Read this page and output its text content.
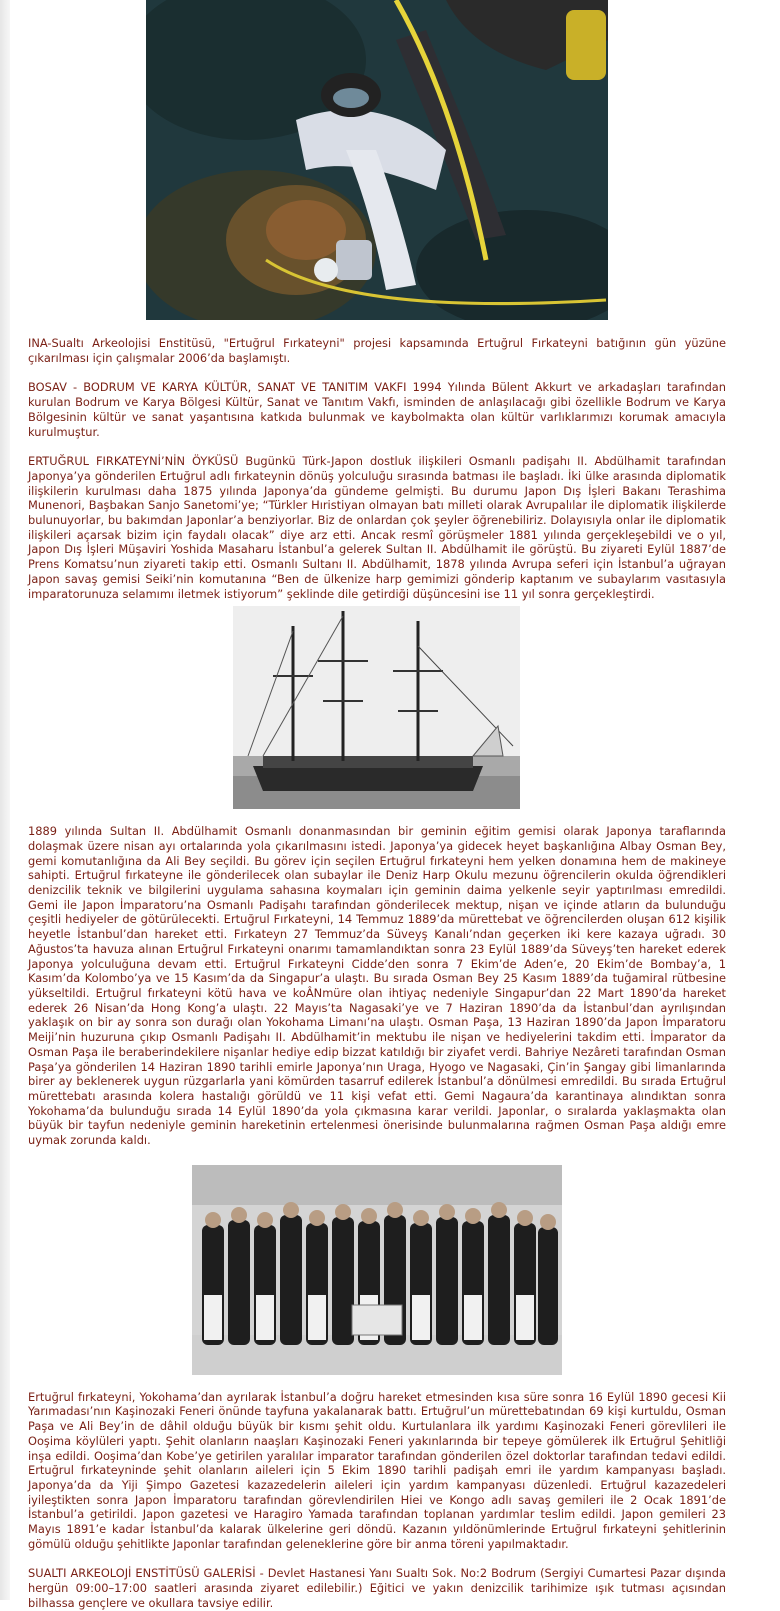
INA-Sualtı Arkeolojisi Enstitüsü, "Ertuğrul Fırkateyni" projesi kapsamında Ertuğrul Fırkateyni batığının gün yüzüne çıkarılması için çalışmalar 2006’da başlamıştı.

BOSAV - BODRUM VE KARYA KÜLTÜR, SANAT VE TANITIM VAKFI 1994 Yılında Bülent Akkurt ve arkadaşları tarafından kurulan Bodrum ve Karya Bölgesi Kültür, Sanat ve Tanıtım Vakfı, isminden de anlaşılacağı gibi özellikle Bodrum ve Karya Bölgesinin kültür ve sanat yaşantısına katkıda bulunmak ve kaybolmakta olan kültür varlıklarımızı korumak amacıyla kurulmuştur.

ERTUĞRUL FIRKATEYNİ’NİN ÖYKÜSÜ Bugünkü Türk-Japon dostluk ilişkileri Osmanlı padişahı II. Abdülhamit tarafından Japonya’ya gönderilen Ertuğrul adlı fırkateynin dönüş yolculuğu sırasında batması ile başladı. İki ülke arasında diplomatik ilişkilerin kurulması daha 1875 yılında Japonya’da gündeme gelmişti. Bu durumu Japon Dış İşleri Bakanı Terashima Munenori, Başbakan Sanjo Sanetomi’ye; “Türkler Hıristiyan olmayan batı milleti olarak Avrupalılar ile diplomatik ilişkilerde bulunuyorlar, bu bakımdan Japonlar’a benziyorlar. Biz de onlardan çok şeyler öğrenebiliriz. Dolayısıyla onlar ile diplomatik ilişkileri açarsak bizim için faydalı olacak” diye arz etti. Ancak resmî görüşmeler 1881 yılında gerçekleşebildi ve o yıl, Japon Dış İşleri Müşaviri Yoshida Masaharu İstanbul’a gelerek Sultan II. Abdülhamit ile görüştü. Bu ziyareti Eylül 1887’de Prens Komatsu’nun ziyareti takip etti. Osmanlı Sultanı II. Abdülhamit, 1878 yılında Avrupa seferi için İstanbul’a uğrayan Japon savaş gemisi Seiki’nin komutanına “Ben de ülkenize harp gemimizi gönderip kaptanım ve subaylarım vasıtasıyla imparatorunuza selamımı iletmek istiyorum” şeklinde dile getirdiği düşüncesini ise 11 yıl sonra gerçekleştirdi.

1889 yılında Sultan II. Abdülhamit Osmanlı donanmasından bir geminin eğitim gemisi olarak Japonya taraflarında dolaşmak üzere nisan ayı ortalarında yola çıkarılmasını istedi. Japonya’ya gidecek heyet başkanlığına Albay Osman Bey, gemi komutanlığına da Ali Bey seçildi. Bu görev için seçilen Ertuğrul fırkateyni hem yelken donamına hem de makineye sahipti. Ertuğrul fırkateyne ile gönderilecek olan subaylar ile Deniz Harp Okulu mezunu öğrencilerin okulda öğrendikleri denizcilik teknik ve bilgilerini uygulama sahasına koymaları için geminin daima yelkenle seyir yaptırılması emredildi. Gemi ile Japon İmparatoru’na Osmanlı Padişahı tarafından gönderilecek mektup, nişan ve içinde atların da bulunduğu çeşitli hediyeler de götürülecekti. Ertuğrul Fırkateyni, 14 Temmuz 1889’da mürettebat ve öğrencilerden oluşan 612 kişilik heyetle İstanbul’dan hareket etti. Fırkateyn 27 Temmuz’da Süveyş Kanalı’ndan geçerken iki kere kazaya uğradı. 30 Ağustos’ta havuza alınan Ertuğrul Fırkateyni onarımı tamamlandıktan sonra 23 Eylül 1889’da Süveyş’ten hareket ederek Japonya yolculuğuna devam etti. Ertuğrul Fırkateyni Cidde’den sonra 7 Ekim’de Aden’e, 20 Ekim’de Bombay’a, 1 Kasım’da Kolombo’ya ve 15 Kasım’da da Singapur’a ulaştı. Bu sırada Osman Bey 25 Kasım 1889’da tuğamiral rütbesine yükseltildi. Ertuğrul fırkateyni kötü hava ve koÂNmüre olan ihtiyaç nedeniyle Singapur’dan 22 Mart 1890’da hareket ederek 26 Nisan’da Hong Kong’a ulaştı. 22 Mayıs’ta Nagasaki’ye ve 7 Haziran 1890’da da İstanbul’dan ayrılışından yaklaşık on bir ay sonra son durağı olan Yokohama Limanı’na ulaştı. Osman Paşa, 13 Haziran 1890’da Japon İmparatoru Meiji’nin huzuruna çıkıp Osmanlı Padişahı II. Abdülhamit’in mektubu ile nişan ve hediyelerini takdim etti. İmparator da Osman Paşa ile beraberindekilere nişanlar hediye edip bizzat katıldığı bir ziyafet verdi. Bahriye Nezâreti tarafından Osman Paşa’ya gönderilen 14 Haziran 1890 tarihli emirle Japonya’nın Uraga, Hyogo ve Nagasaki, Çin’in Şangay gibi limanlarında birer ay beklenerek uygun rüzgarlarla yani kömürden tasarruf edilerek İstanbul’a dönülmesi emredildi. Bu sırada Ertuğrul mürettebatı arasında kolera hastalığı görüldü ve 11 kişi vefat etti. Gemi Nagaura’da karantinaya alındıktan sonra Yokohama’da bulunduğu sırada 14 Eylül 1890’da yola çıkmasına karar verildi. Japonlar, o sıralarda yaklaşmakta olan büyük bir tayfun nedeniyle geminin hareketinin ertelenmesi önerisinde bulunmalarına rağmen Osman Paşa aldığı emre uymak zorunda kaldı.

Ertuğrul fırkateyni, Yokohama’dan ayrılarak İstanbul’a doğru hareket etmesinden kısa süre sonra 16 Eylül 1890 gecesi Kii Yarımadası’nın Kaşinozaki Feneri önünde tayfuna yakalanarak battı. Ertuğrul’un mürettebatından 69 kişi kurtuldu, Osman Paşa ve Ali Bey’in de dâhil olduğu büyük bir kısmı şehit oldu. Kurtulanlara ilk yardımı Kaşinozaki Feneri görevlileri ile Ooşima köylüleri yaptı. Şehit olanların naaşları Kaşinozaki Feneri yakınlarında bir tepeye gömülerek ilk Ertuğrul Şehitliği inşa edildi. Ooşima’dan Kobe’ye getirilen yaralılar imparator tarafından gönderilen özel doktorlar tarafından tedavi edildi. Ertuğrul fırkateyninde şehit olanların aileleri için 5 Ekim 1890 tarihli padişah emri ile yardım kampanyası başladı. Japonya’da da Yiji Şimpo Gazetesi kazazedelerin aileleri için yardım kampanyası düzenledi. Ertuğrul kazazedeleri iyileştikten sonra Japon İmparatoru tarafından görevlendirilen Hiei ve Kongo adlı savaş gemileri ile 2 Ocak 1891’de İstanbul’a getirildi. Japon gazetesi ve Haragiro Yamada tarafından toplanan yardımlar teslim edildi. Japon gemileri 23 Mayıs 1891’e kadar İstanbul’da kalarak ülkelerine geri döndü. Kazanın yıldönümlerinde Ertuğrul fırkateyni şehitlerinin gömülü olduğu şehitlikte Japonlar tarafından geleneklerine göre bir anma töreni yapılmaktadır.

SUALTI ARKEOLOJİ ENSTİTÜSÜ GALERİSİ - Devlet Hastanesi Yanı Sualtı Sok. No:2 Bodrum (Sergiyi Cumartesi Pazar dışında hergün 09:00–17:00 saatleri arasında ziyaret edilebilir.) Eğitici ve yakın denizcilik tarihimize ışık tutması açısından bilhassa gençlere ve okullara tavsiye edilir.
